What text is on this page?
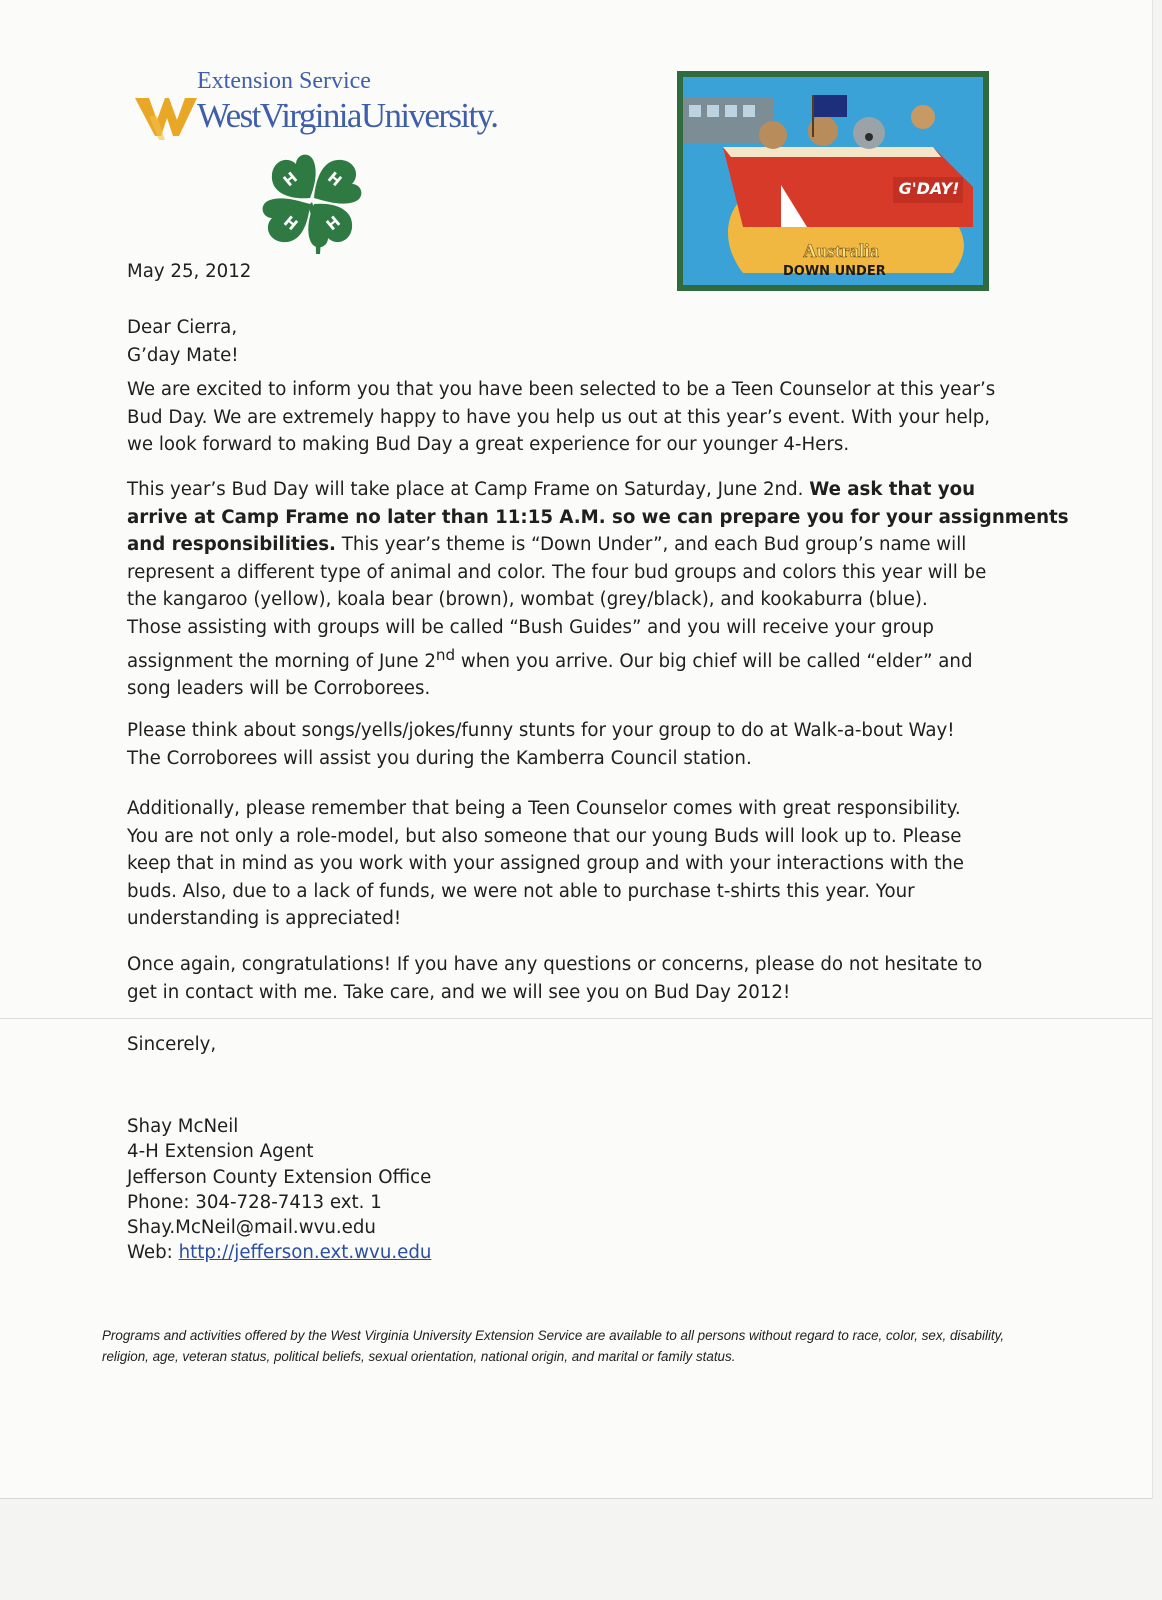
Extension Service
WestVirginiaUniversity.
H H
H
H
G'DAY!
Australia
DOWN UNDER
May 25, 2012
Dear Cierra,
G’day Mate!
We are excited to inform you that you have been selected to be a Teen Counselor at this year’s
Bud Day. We are extremely happy to have you help us out at this year’s event. With your help,
we look forward to making Bud Day a great experience for our younger 4-Hers.
This year’s Bud Day will take place at Camp Frame on Saturday, June 2nd. We ask that you
arrive at Camp Frame no later than 11:15 A.M. so we can prepare you for your assignments
and responsibilities. This year’s theme is “Down Under”, and each Bud group’s name will
represent a different type of animal and color. The four bud groups and colors this year will be
the kangaroo (yellow), koala bear (brown), wombat (grey/black), and kookaburra (blue).
Those assisting with groups will be called “Bush Guides” and you will receive your group
assignment the morning of June 2nd when you arrive. Our big chief will be called “elder” and
song leaders will be Corroborees.
Please think about songs/yells/jokes/funny stunts for your group to do at Walk-a-bout Way!
The Corroborees will assist you during the Kamberra Council station.
Additionally, please remember that being a Teen Counselor comes with great responsibility.
You are not only a role-model, but also someone that our young Buds will look up to. Please
keep that in mind as you work with your assigned group and with your interactions with the
buds. Also, due to a lack of funds, we were not able to purchase t-shirts this year. Your
understanding is appreciated!
Once again, congratulations! If you have any questions or concerns, please do not hesitate to
get in contact with me. Take care, and we will see you on Bud Day 2012!
Sincerely,
Shay McNeil
4-H Extension Agent
Jefferson County Extension Office
Phone: 304-728-7413 ext. 1
Shay.McNeil@mail.wvu.edu
Web: http://jefferson.ext.wvu.edu
Programs and activities offered by the West Virginia University Extension Service are available to all persons without regard to race, color, sex, disability, religion, age, veteran status, political beliefs, sexual orientation, national origin, and marital or family status.
